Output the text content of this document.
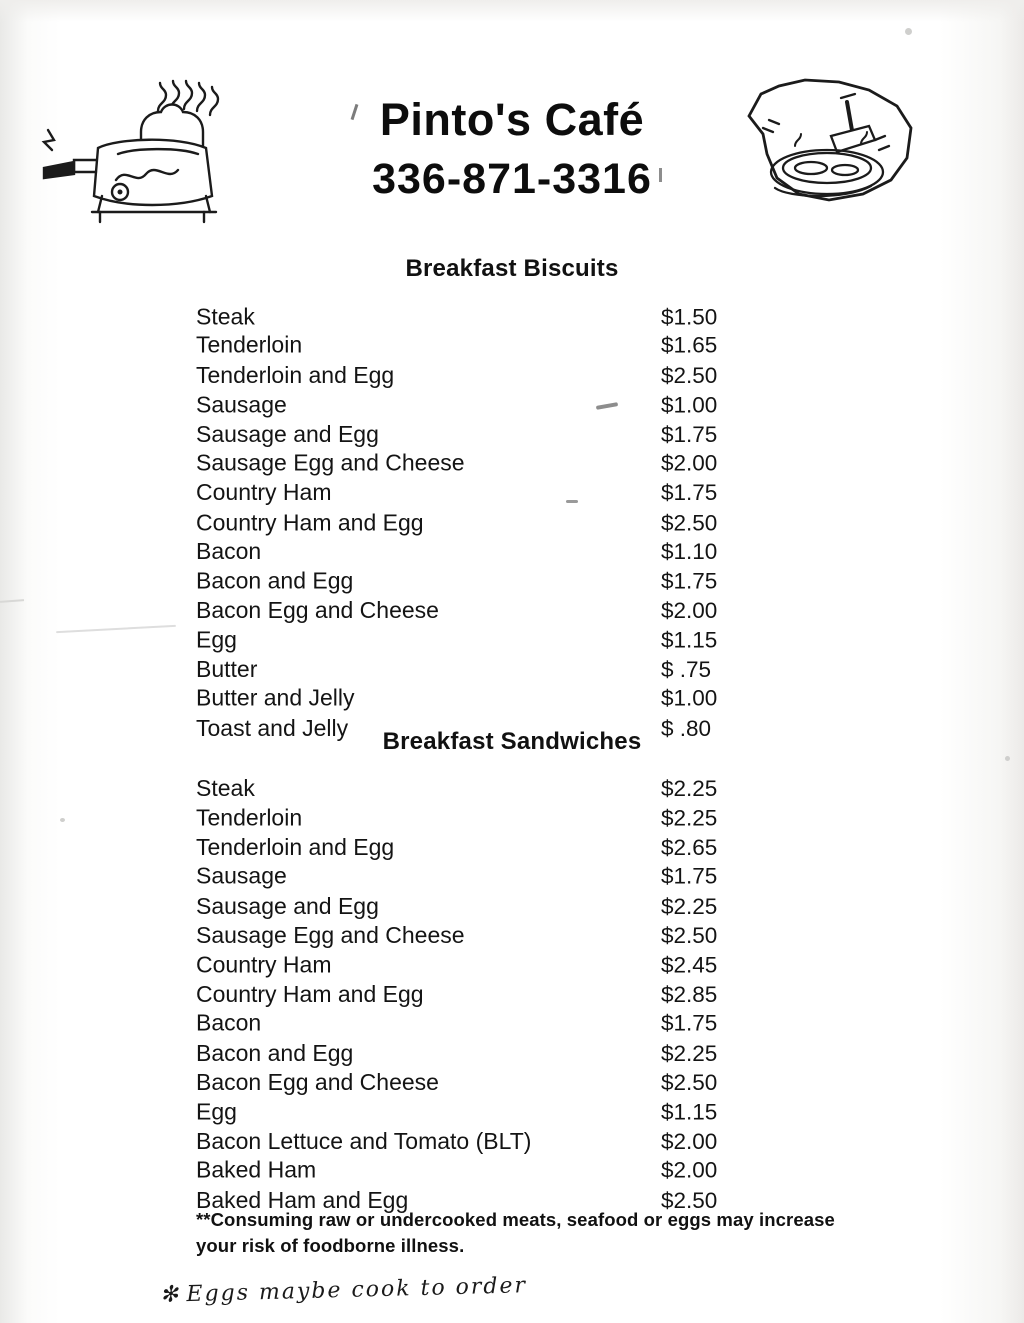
Pinto's Café
336-871-3316
Breakfast Biscuits
Steak	$1.50
Tenderloin	$1.65
Tenderloin and Egg	$2.50
Sausage	$1.00
Sausage and Egg	$1.75
Sausage Egg and Cheese	$2.00
Country Ham	$1.75
Country Ham and Egg	$2.50
Bacon	$1.10
Bacon and Egg	$1.75
Bacon Egg and Cheese	$2.00
Egg	$1.15
Butter	$ .75
Butter and Jelly	$1.00
Toast and Jelly	$ .80
Breakfast Sandwiches
Steak	$2.25
Tenderloin	$2.25
Tenderloin and Egg	$2.65
Sausage	$1.75
Sausage and Egg	$2.25
Sausage Egg and Cheese	$2.50
Country Ham	$2.45
Country Ham and Egg	$2.85
Bacon	$1.75
Bacon and Egg	$2.25
Bacon Egg and Cheese	$2.50
Egg	$1.15
Bacon Lettuce and Tomato (BLT)	$2.00
Baked Ham	$2.00
Baked Ham and Egg	$2.50
**Consuming raw or undercooked meats, seafood or eggs may increase your risk of foodborne illness.
✻ Eggs maybe cook to order
